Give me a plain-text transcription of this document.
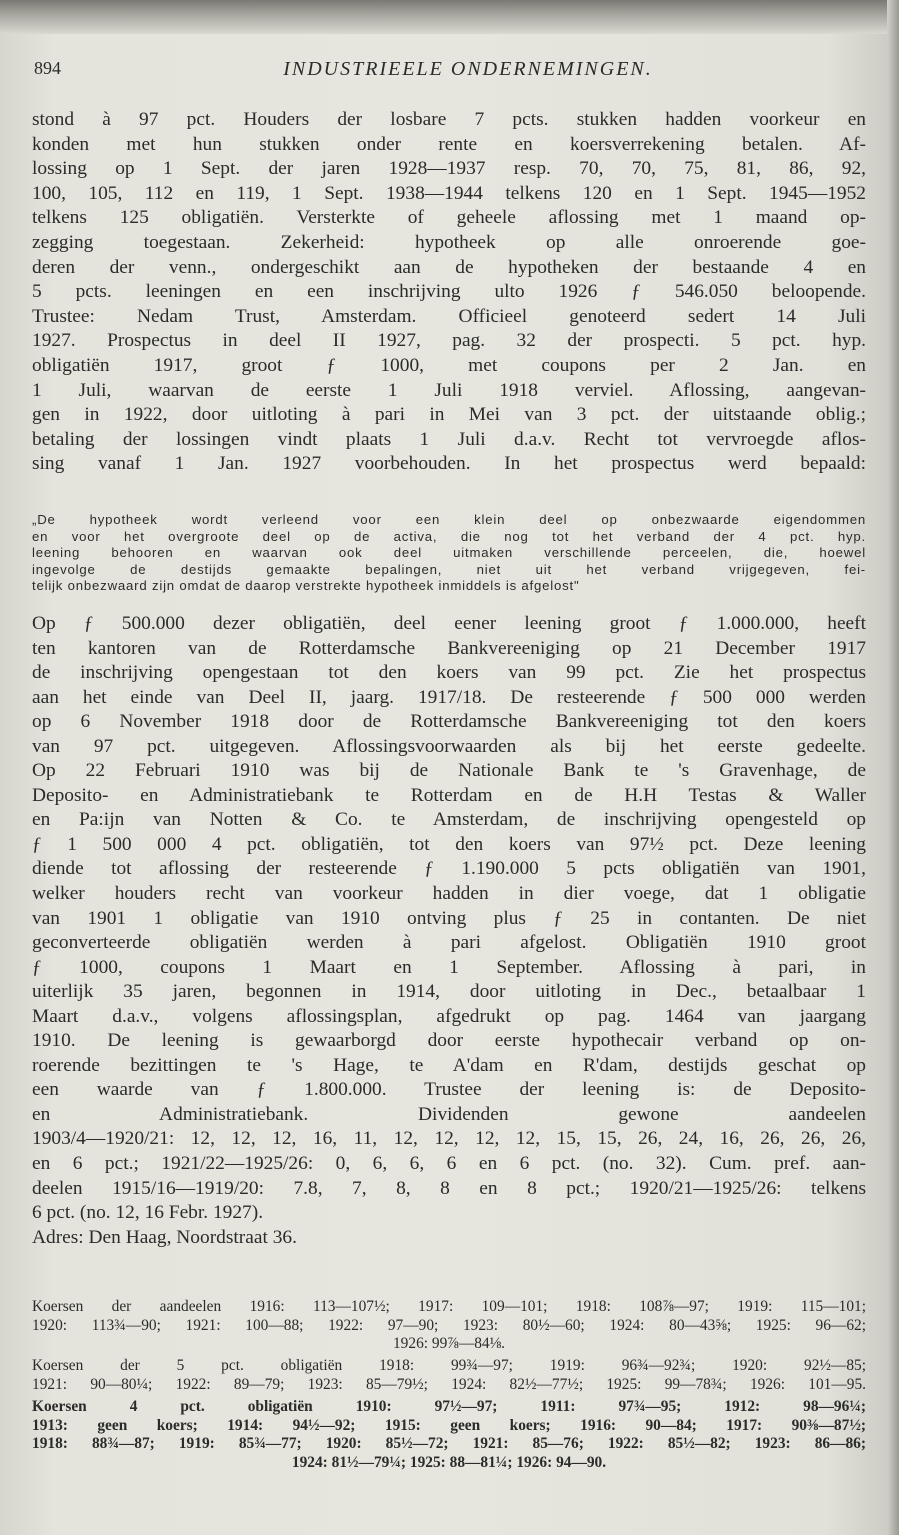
894	INDUSTRIEELE ONDERNEMINGEN.
stond à 97 pct. Houders der losbare 7 pcts. stukken hadden voorkeur en
konden met hun stukken onder rente en koersverrekening betalen. Af-
lossing op 1 Sept. der jaren 1928—1937 resp. 70, 70, 75, 81, 86, 92,
100, 105, 112 en 119, 1 Sept. 1938—1944 telkens 120 en 1 Sept. 1945—1952
telkens 125 obligatiën. Versterkte of geheele aflossing met 1 maand op-
zegging toegestaan. Zekerheid: hypotheek op alle onroerende goe-
deren der venn., ondergeschikt aan de hypotheken der bestaande 4 en
5 pcts. leeningen en een inschrijving ulto 1926 ƒ 546.050 beloopende.
Trustee: Nedam Trust, Amsterdam. Officieel genoteerd sedert 14 Juli
1927. Prospectus in deel II 1927, pag. 32 der prospecti. 5 pct. hyp.
obligatiën 1917, groot ƒ 1000, met coupons per 2 Jan. en
1 Juli, waarvan de eerste 1 Juli 1918 verviel. Aflossing, aangevan-
gen in 1922, door uitloting à pari in Mei van 3 pct. der uitstaande oblig.;
betaling der lossingen vindt plaats 1 Juli d.a.v. Recht tot vervroegde aflos-
sing vanaf 1 Jan. 1927 voorbehouden. In het prospectus werd bepaald:
„De hypotheek wordt verleend voor een klein deel op onbezwaarde eigendommen
en voor het overgroote deel op de activa, die nog tot het verband der 4 pct. hyp.
leening behooren en waarvan ook deel uitmaken verschillende perceelen, die, hoewel
ingevolge de destijds gemaakte bepalingen, niet uit het verband vrijgegeven, fei-
telijk onbezwaard zijn omdat de daarop verstrekte hypotheek inmiddels is afgelost"
Op ƒ 500.000 dezer obligatiën, deel eener leening groot ƒ 1.000.000, heeft
ten kantoren van de Rotterdamsche Bankvereeniging op 21 December 1917
de inschrijving opengestaan tot den koers van 99 pct. Zie het prospectus
aan het einde van Deel II, jaarg. 1917/18. De resteerende ƒ 500 000 werden
op 6 November 1918 door de Rotterdamsche Bankvereeniging tot den koers
van 97 pct. uitgegeven. Aflossingsvoorwaarden als bij het eerste gedeelte.
Op 22 Februari 1910 was bij de Nationale Bank te 's Gravenhage, de
Deposito- en Administratiebank te Rotterdam en de H.H Testas & Waller
en Pa:ijn van Notten & Co. te Amsterdam, de inschrijving opengesteld op
ƒ 1 500 000 4 pct. obligatiën, tot den koers van 97½ pct. Deze leening
diende tot aflossing der resteerende ƒ 1.190.000 5 pcts obligatiën van 1901,
welker houders recht van voorkeur hadden in dier voege, dat 1 obligatie
van 1901 1 obligatie van 1910 ontving plus ƒ 25 in contanten. De niet
geconverteerde obligatiën werden à pari afgelost. Obligatiën 1910 groot
ƒ 1000, coupons 1 Maart en 1 September. Aflossing à pari, in
uiterlijk 35 jaren, begonnen in 1914, door uitloting in Dec., betaalbaar 1
Maart d.a.v., volgens aflossingsplan, afgedrukt op pag. 1464 van jaargang
1910. De leening is gewaarborgd door eerste hypothecair verband op on-
roerende bezittingen te 's Hage, te A'dam en R'dam, destijds geschat op
een waarde van ƒ 1.800.000. Trustee der leening is: de Deposito-
en Administratiebank. Dividenden gewone aandeelen
1903/4—1920/21: 12, 12, 12, 16, 11, 12, 12, 12, 12, 15, 15, 26, 24, 16, 26, 26, 26,
en 6 pct.; 1921/22—1925/26: 0, 6, 6, 6 en 6 pct. (no. 32). Cum. pref. aan-
deelen 1915/16—1919/20: 7.8, 7, 8, 8 en 8 pct.; 1920/21—1925/26: telkens
6 pct. (no. 12, 16 Febr. 1927).
Adres: Den Haag, Noordstraat 36.
Koersen der aandeelen 1916: 113—107½; 1917: 109—101; 1918: 108⅞—97; 1919: 115—101;
1920: 113¾—90; 1921: 100—88; 1922: 97—90; 1923: 80½—60; 1924: 80—43⅝; 1925: 96—62;
1926: 99⅞—84⅛.
Koersen der 5 pct. obligatiën 1918: 99¾—97; 1919: 96¾—92¾; 1920: 92½—85;
1921: 90—80¼; 1922: 89—79; 1923: 85—79½; 1924: 82½—77½; 1925: 99—78¾; 1926: 101—95.
Koersen 4 pct. obligatiën 1910: 97½—97; 1911: 97¾—95; 1912: 98—96¼;
1913: geen koers; 1914: 94½—92; 1915: geen koers; 1916: 90—84; 1917: 90⅜—87½;
1918: 88¾—87; 1919: 85¾—77; 1920: 85½—72; 1921: 85—76; 1922: 85½—82; 1923: 86—86;
1924: 81½—79¼; 1925: 88—81¼; 1926: 94—90.
